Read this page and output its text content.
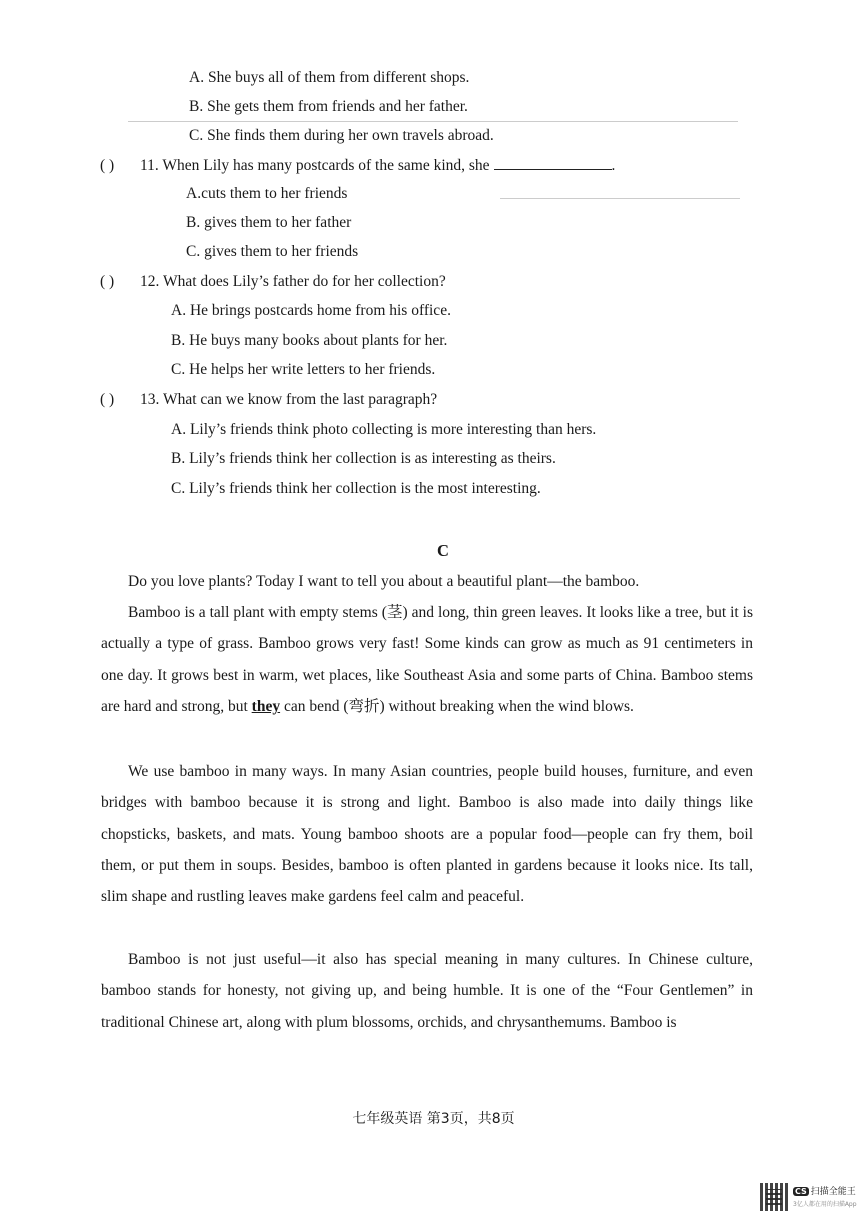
A. She buys all of them from different shops.
B. She gets them from friends and her father.
C. She finds them during her own travels abroad.
( ) 11. When Lily has many postcards of the same kind, she	.
A.cuts them to her friends
B. gives them to her father
C. gives them to her friends
( ) 12. What does Lily’s father do for her collection?
A. He brings postcards home from his office.
B. He buys many books about plants for her.
C. He helps her write letters to her friends.
( ) 13. What can we know from the last paragraph?
A. Lily’s friends think photo collecting is more interesting than hers.
B. Lily’s friends think her collection is as interesting as theirs.
C. Lily’s friends think her collection is the most interesting.
C
Do you love plants? Today I want to tell you about a beautiful plant—the bamboo.
Bamboo is a tall plant with empty stems (茎) and long, thin green leaves. It looks like a tree, but it is actually a type of grass. Bamboo grows very fast! Some kinds can grow as much as 91 centimeters in one day. It grows best in warm, wet places, like Southeast Asia and some parts of China. Bamboo stems are hard and strong, but they can bend (弯折) without breaking when the wind blows.
We use bamboo in many ways. In many Asian countries, people build houses, furniture, and even bridges with bamboo because it is strong and light. Bamboo is also made into daily things like chopsticks, baskets, and mats. Young bamboo shoots are a popular food—people can fry them, boil them, or put them in soups. Besides, bamboo is often planted in gardens because it looks nice. Its tall, slim shape and rustling leaves make gardens feel calm and peaceful.
Bamboo is not just useful—it also has special meaning in many cultures. In Chinese culture, bamboo stands for honesty, not giving up, and being humble. It is one of the “Four Gentlemen” in traditional Chinese art, along with plum blossoms, orchids, and chrysanthemums. Bamboo is
七年级英语 第3页，共8页
CS 扫描全能王
3亿人都在用的扫描App
